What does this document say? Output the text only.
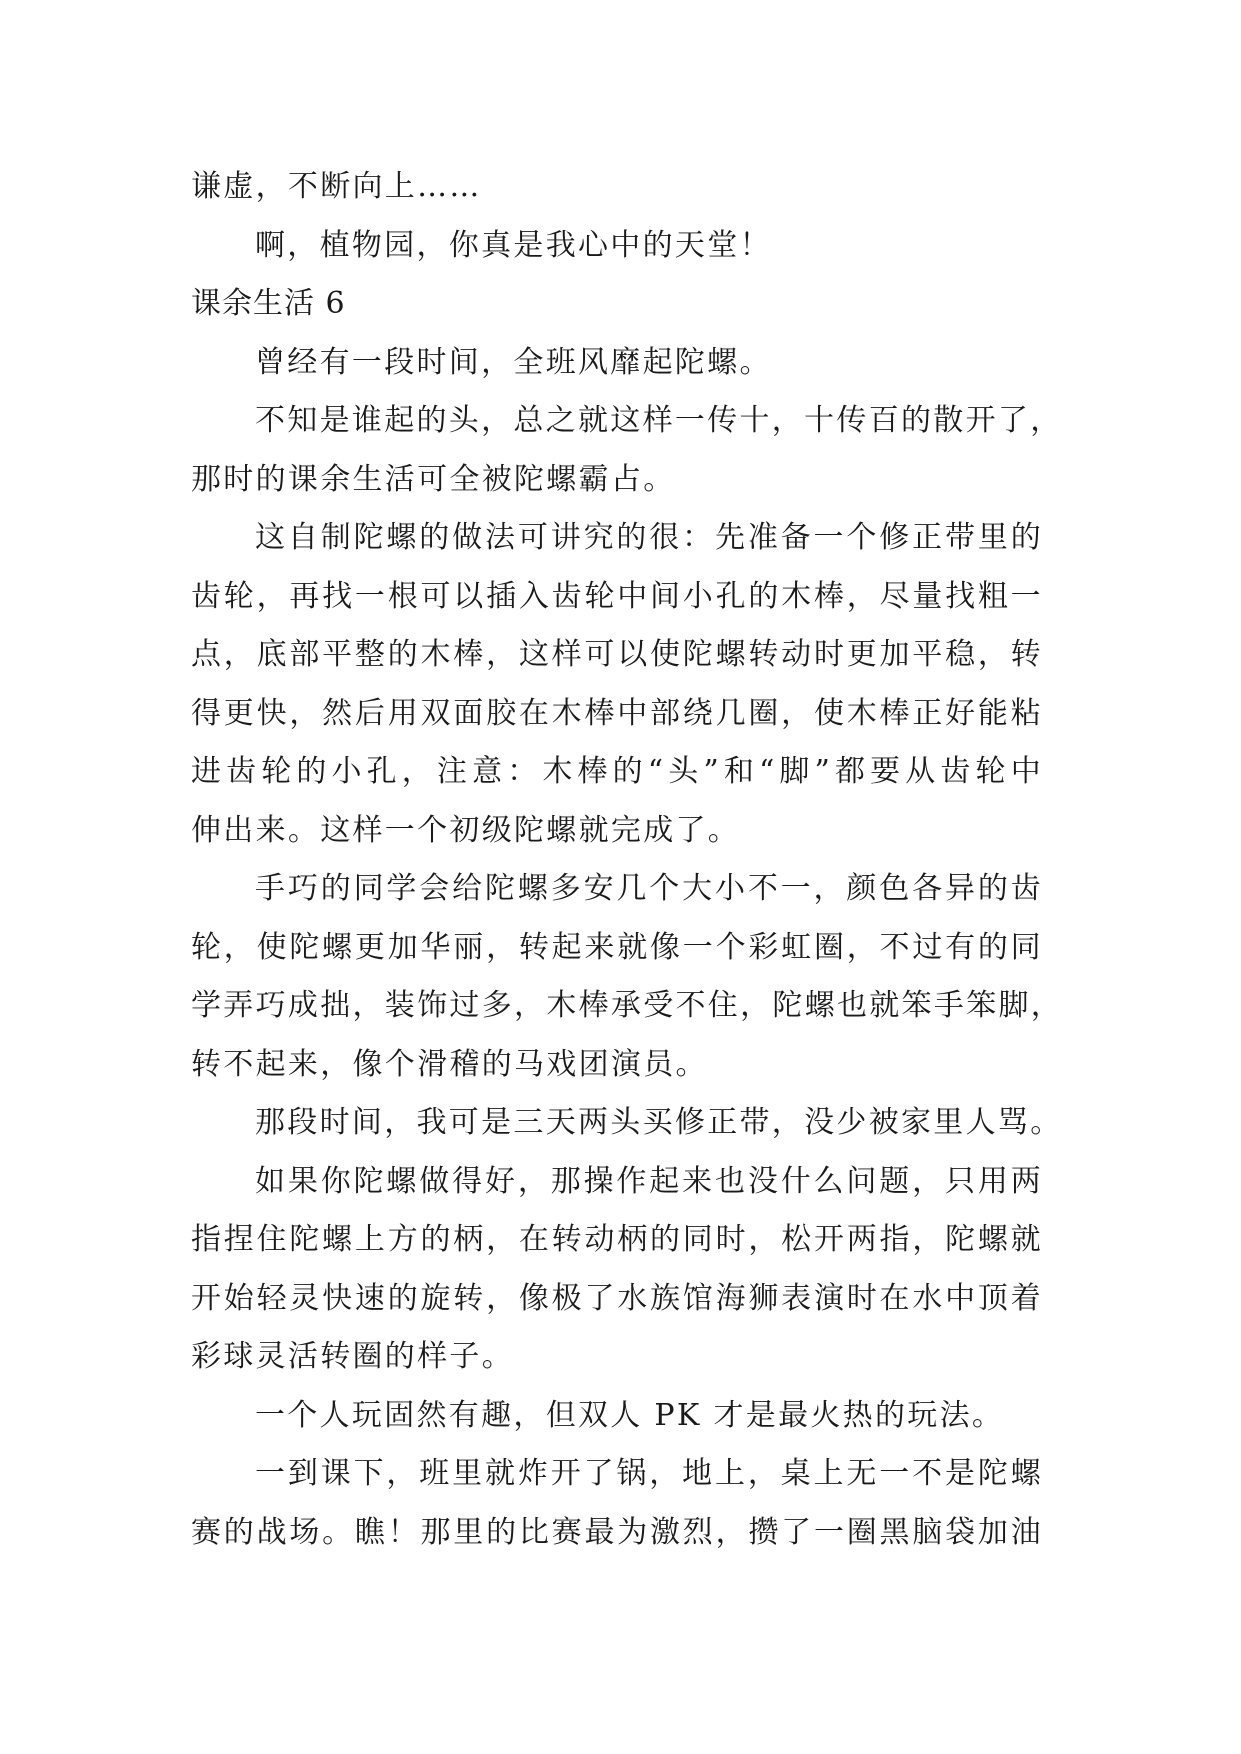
谦虚，不断向上……
啊，植物园，你真是我心中的天堂！
课余生活 6
曾经有一段时间，全班风靡起陀螺。
不知是谁起的头，总之就这样一传十，十传百的散开了，
那时的课余生活可全被陀螺霸占。
这自制陀螺的做法可讲究的很：先准备一个修正带里的
齿轮，再找一根可以插入齿轮中间小孔的木棒，尽量找粗一
点，底部平整的木棒，这样可以使陀螺转动时更加平稳，转
得更快，然后用双面胶在木棒中部绕几圈，使木棒正好能粘
进齿轮的小孔，注意：木棒的“头”和“脚”都要从齿轮中
伸出来。这样一个初级陀螺就完成了。
手巧的同学会给陀螺多安几个大小不一，颜色各异的齿
轮，使陀螺更加华丽，转起来就像一个彩虹圈，不过有的同
学弄巧成拙，装饰过多，木棒承受不住，陀螺也就笨手笨脚，
转不起来，像个滑稽的马戏团演员。
那段时间，我可是三天两头买修正带，没少被家里人骂。
如果你陀螺做得好，那操作起来也没什么问题，只用两
指捏住陀螺上方的柄，在转动柄的同时，松开两指，陀螺就
开始轻灵快速的旋转，像极了水族馆海狮表演时在水中顶着
彩球灵活转圈的样子。
一个人玩固然有趣，但双人 PK 才是最火热的玩法。
一到课下，班里就炸开了锅，地上，桌上无一不是陀螺
赛的战场。瞧！那里的比赛最为激烈，攒了一圈黑脑袋加油
